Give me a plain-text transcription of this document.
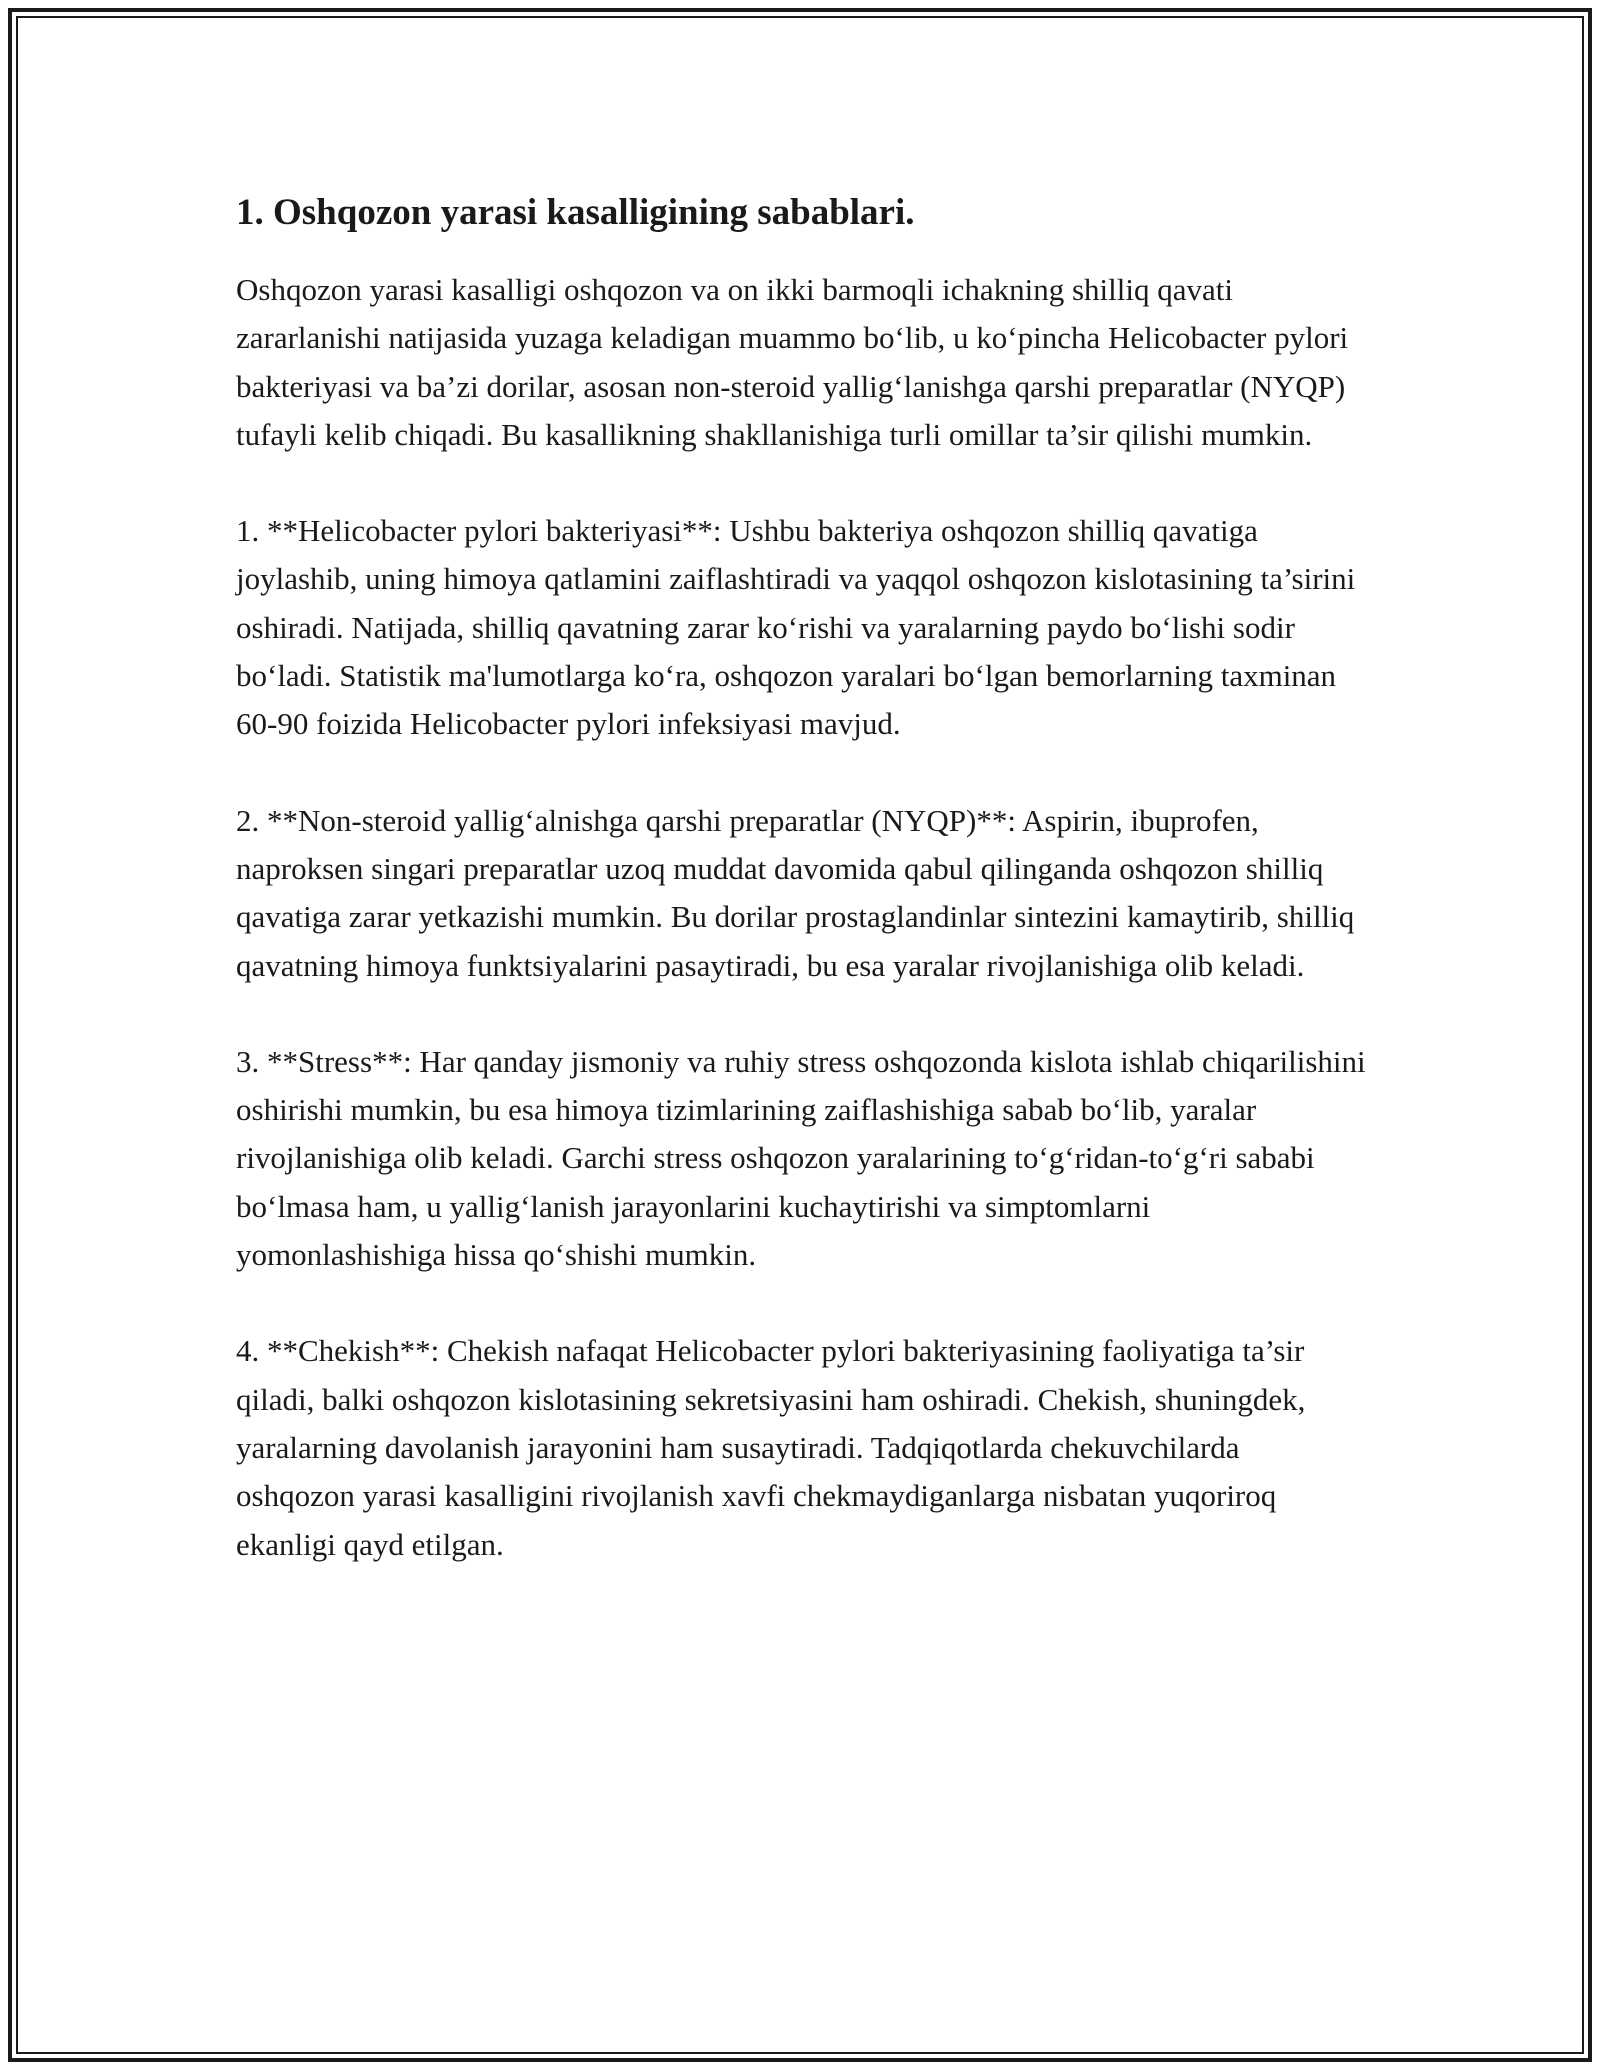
1. Oshqozon yarasi kasalligining sabablari.

Oshqozon yarasi kasalligi oshqozon va on ikki barmoqli ichakning shilliq qavati zararlanishi natijasida yuzaga keladigan muammo bo‘lib, u ko‘pincha Helicobacter pylori bakteriyasi va ba’zi dorilar, asosan non-steroid yallig‘lanishga qarshi preparatlar (NYQP) tufayli kelib chiqadi. Bu kasallikning shakllanishiga turli omillar ta’sir qilishi mumkin.

1. **Helicobacter pylori bakteriyasi**: Ushbu bakteriya oshqozon shilliq qavatiga joylashib, uning himoya qatlamini zaiflashtiradi va yaqqol oshqozon kislotasining ta’sirini oshiradi. Natijada, shilliq qavatning zarar ko‘rishi va yaralarning paydo bo‘lishi sodir bo‘ladi. Statistik ma'lumotlarga ko‘ra, oshqozon yaralari bo‘lgan bemorlarning taxminan 60-90 foizida Helicobacter pylori infeksiyasi mavjud.

2. **Non-steroid yallig‘alnishga qarshi preparatlar (NYQP)**: Aspirin, ibuprofen, naproksen singari preparatlar uzoq muddat davomida qabul qilinganda oshqozon shilliq qavatiga zarar yetkazishi mumkin. Bu dorilar prostaglandinlar sintezini kamaytirib, shilliq qavatning himoya funktsiyalarini pasaytiradi, bu esa yaralar rivojlanishiga olib keladi.

3. **Stress**: Har qanday jismoniy va ruhiy stress oshqozonda kislota ishlab chiqarilishini oshirishi mumkin, bu esa himoya tizimlarining zaiflashishiga sabab bo‘lib, yaralar rivojlanishiga olib keladi. Garchi stress oshqozon yaralarining to‘g‘ridan-to‘g‘ri sababi bo‘lmasa ham, u yallig‘lanish jarayonlarini kuchaytirishi va simptomlarni yomonlashishiga hissa qo‘shishi mumkin.

4. **Chekish**: Chekish nafaqat Helicobacter pylori bakteriyasining faoliyatiga ta’sir qiladi, balki oshqozon kislotasining sekretsiyasini ham oshiradi. Chekish, shuningdek, yaralarning davolanish jarayonini ham susaytiradi. Tadqiqotlarda chekuvchilarda oshqozon yarasi kasalligini rivojlanish xavfi chekmaydiganlarga nisbatan yuqoriroq ekanligi qayd etilgan.
